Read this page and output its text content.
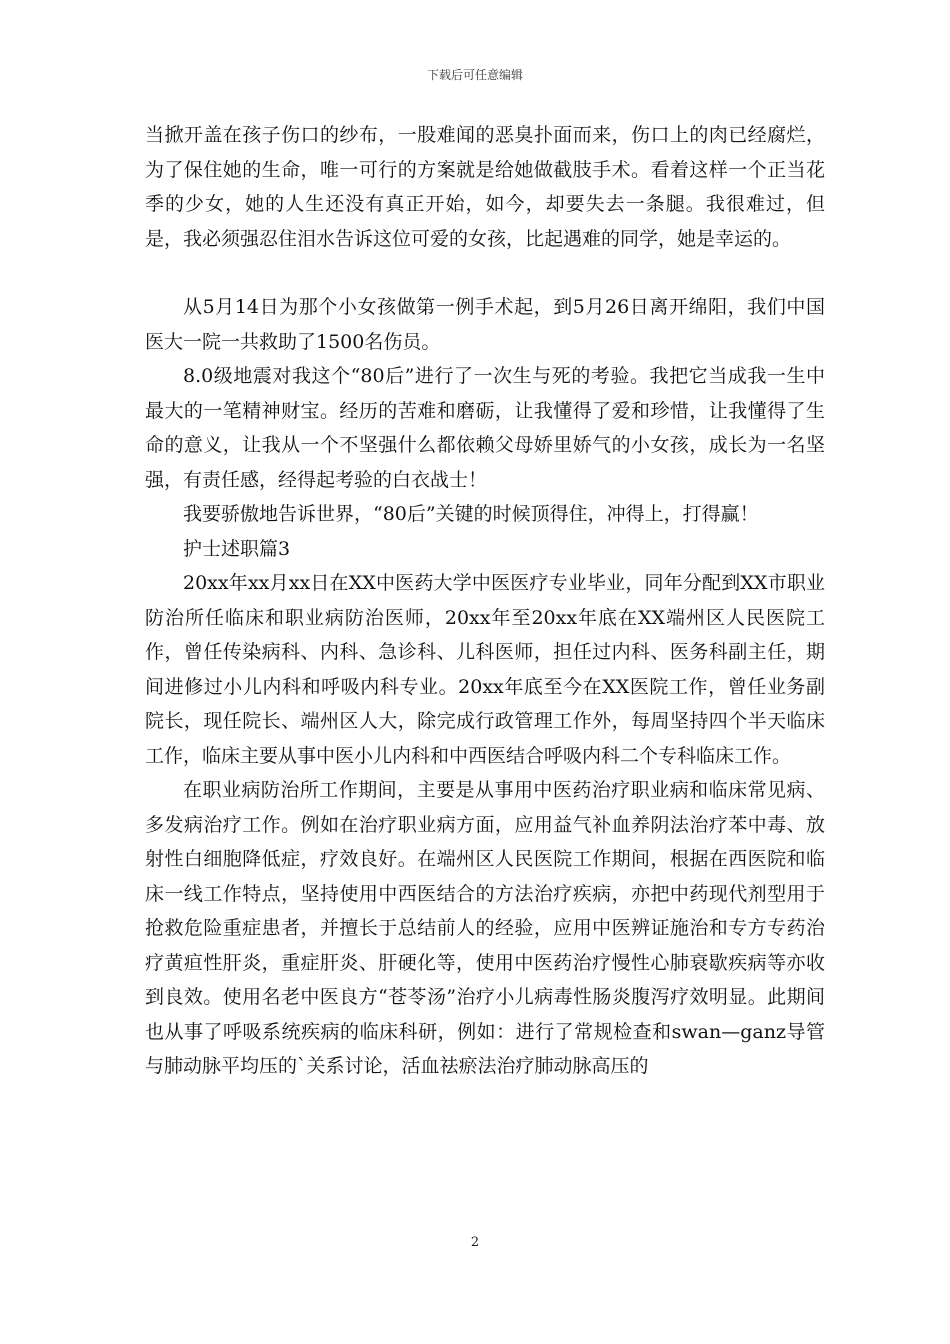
下载后可任意编辑

当掀开盖在孩子伤口的纱布，一股难闻的恶臭扑面而来，伤口上的肉已经腐烂，为了保住她的生命，唯一可行的方案就是给她做截肢手术。看着这样一个正当花季的少女，她的人生还没有真正开始，如今，却要失去一条腿。我很难过，但是，我必须强忍住泪水告诉这位可爱的女孩，比起遇难的同学，她是幸运的。

从5月14日为那个小女孩做第一例手术起，到5月26日离开绵阳，我们中国医大一院一共救助了1500名伤员。

8.0级地震对我这个“80后”进行了一次生与死的考验。我把它当成我一生中最大的一笔精神财宝。经历的苦难和磨砺，让我懂得了爱和珍惜，让我懂得了生命的意义，让我从一个不坚强什么都依赖父母娇里娇气的小女孩，成长为一名坚强，有责任感，经得起考验的白衣战士！

我要骄傲地告诉世界，“80后”关键的时候顶得住，冲得上，打得赢！

护士述职篇3

20xx年xx月xx日在XX中医药大学中医医疗专业毕业，同年分配到XX市职业防治所任临床和职业病防治医师，20xx年至20xx年底在XX端州区人民医院工作，曾任传染病科、内科、急诊科、儿科医师，担任过内科、医务科副主任，期间进修过小儿内科和呼吸内科专业。20xx年底至今在XX医院工作，曾任业务副院长，现任院长、端州区人大，除完成行政管理工作外，每周坚持四个半天临床工作，临床主要从事中医小儿内科和中西医结合呼吸内科二个专科临床工作。

在职业病防治所工作期间，主要是从事用中医药治疗职业病和临床常见病、多发病治疗工作。例如在治疗职业病方面，应用益气补血养阴法治疗苯中毒、放射性白细胞降低症，疗效良好。在端州区人民医院工作期间，根据在西医院和临床一线工作特点，坚持使用中西医结合的方法治疗疾病，亦把中药现代剂型用于抢救危险重症患者，并擅长于总结前人的经验，应用中医辨证施治和专方专药治疗黄疸性肝炎，重症肝炎、肝硬化等，使用中医药治疗慢性心肺衰歇疾病等亦收到良效。使用名老中医良方“苍苓汤”治疗小儿病毒性肠炎腹泻疗效明显。此期间也从事了呼吸系统疾病的临床科研，例如：进行了常规检查和swan—ganz导管与肺动脉平均压的`关系讨论，活血祛瘀法治疗肺动脉高压的

2
